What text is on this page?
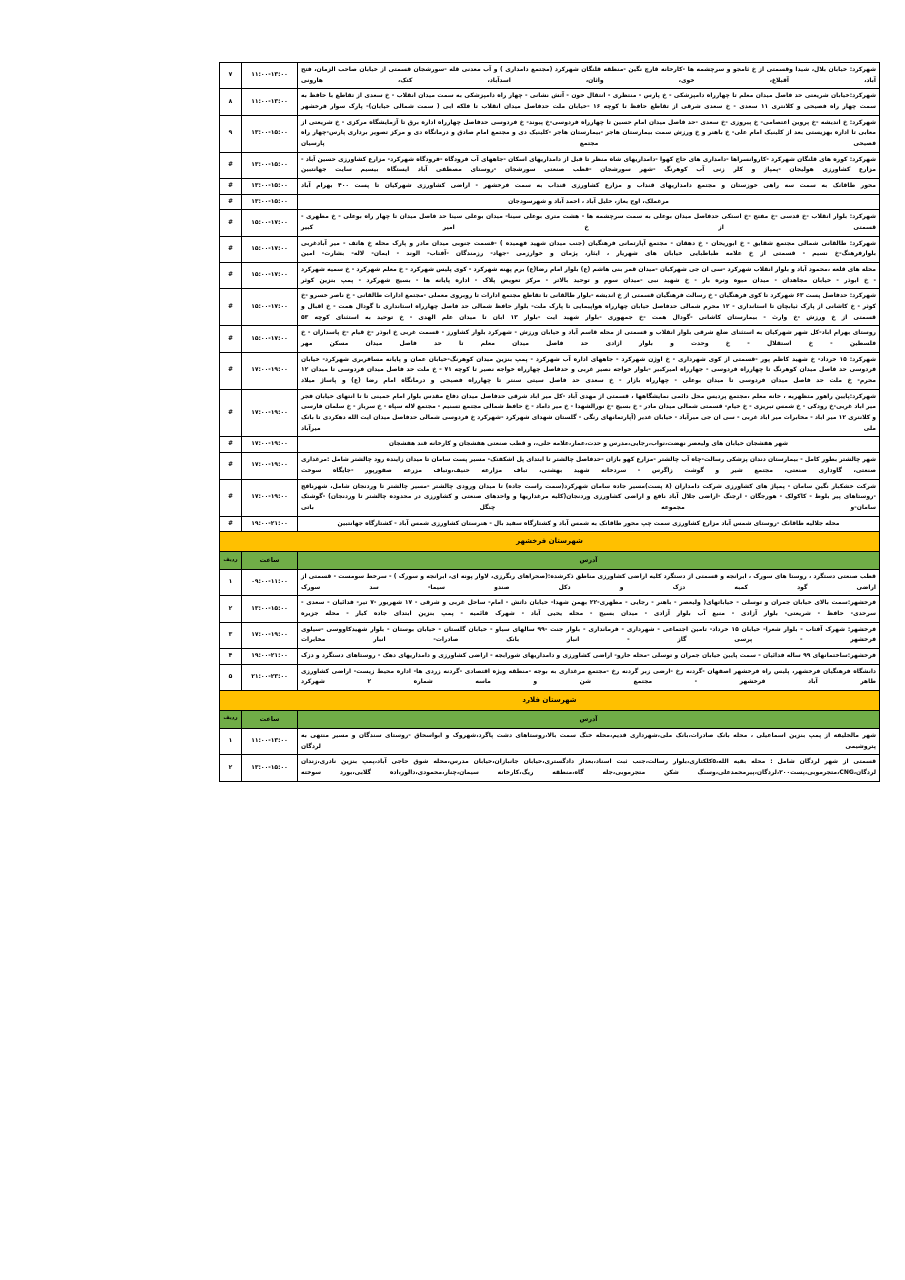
شهرکرد: خیابان بلال، شیدا وقسمتی از خ ثامجو و سرچشمه ها -کارخانه قارچ نگین -منطقه قلنگان شهرکرد (مجتمع دامداری ) و آب معدنی قله -سورشجان قسمتی از خیابان صاحب الزمان، فتح آباد، آقبلاغ، خوی، واثان، اسدآباد، کتک، هارونی	۱۱:۰۰-۱۳:۰۰	۷
شهرکرد:خیابان شریعتی حد فاصل میدان معلم تا چهارراه دامپزشکی - خ پارس - منتظری - انتقال خون - آتش نشانی - چهار راه دامپزشکی به سمت میدان انقلاب - خ سعدی از تقاطع با حافظ به سمت چهار راه فصیحی و کلانتری ۱۱ سعدی - خ سعدی شرقی از تقاطع حافظ تا کوچه ۱۶ -خیابان ملت حدفاصل میدان انقلاب تا فلکه ابی ( سمت شمالی خیابان)- پارک سوار فرخشهر	۱۱:۰۰-۱۳:۰۰	۸
شهرکرد: خ اندیشه -خ پروین اعتصامی- خ پیروزی -خ سعدی -حد فاصل میدان امام حسین تا چهارراه فردوسی-خ پیوند- خ فردوسی حدفاصل چهارراه اداره برق تا آزمایشگاه مرکزی - خ شریعتی از معابی تا اداره بهزیستی بعد از کلینیک امام علی- خ باهنر و خ ورزش سمت بیمارستان هاجر -بیمارستان هاجر -کلینیک دی و مجتمع امام صادق و درمانگاه دی و مرکز تصویر برداری پارس-چهار راه فصیحی مجتمع پارسیان	۱۳:۰۰-۱۵:۰۰	۹
شهرکرد: کوره های قلنگان شهرکرد -کاروانسراها -دامداری های حاج کهوا -دامداریهای شاه منظر تا قبل از دامداریهای اسکان -جاههای آب فرودگاه -فرودگاه شهرکرد- مزارع کشاورزی حسین آباد - مزارع کشاورزی هولیجان -پمپاژ و کلر زنی آب کوهرنگ -شهر سورشجان -قطب صنعتی سورشجان -روستای مصطفی آباد ایستگاه بیسیم سایت جهانتبین	۱۳:۰۰-۱۵:۰۰	#
محور طاقانک به سمت سه راهی خوزستان و مجتمع دامداریهای قنداب و مزارع کشاورزی قنداب به سمت فرخشهر - اراضی کشاورزی شهرکیان تا پست ۴۰۰ بهرام آباد	۱۳:۰۰-۱۵:۰۰	#
مرغملک، اوج بغاز، خلیل آباد ، احمد آباد و شهرسودجان	۱۳:۰۰-۱۵:۰۰	#
شهرکرد: بلوار انقلاب -خ قدسی -خ مفتح -خ استکی حدفاصل میدان بوعلی به سمت سرچشمه ها - هشت متری بوعلی سینا- میدان بوعلی سینا حد فاصل میدان تا چهار راه بوعلی - خ مطهری - قسمتی از خ امیر کبیر	۱۵:۰۰-۱۷:۰۰	#
شهرکرد: طالقانی شمالی مجتمع شقایق - خ ابوریحان - خ دهقان - مجتمع آپارتمانی فرهنگیان (جنب میدان شهید فهمیده ) -قسمت جنوبی میدان مادر و پارک محله خ هاتف - میر آبادغربی بلوارفرهنگ-خ نسیم - قسمتی از خ علامه طباطبایی خیابان های شهریار ، ایثار، پژمان و خوارزمی -جهاد- رزمندگان -آفتاب- الوند - ایمان- لاله- بشارت- امین	۱۵:۰۰-۱۷:۰۰	#
محله های قلعه ،محمود آباد و بلوار انقلاب شهرکرد -سی ان جی شهرکیان -میدان قمر بنی هاشم (ع) بلوار امام رضا(ع) برم پهنه شهرکرد - کوی پلیس شهرکرد - خ معلم شهرکرد - خ سمیه شهرکرد - خ ابوذر - خیابان مجاهدان - میدان میوه وتره بار - خ شهید نبی -میدان سوم و توحید بالاتر - مرکز تعویض پلاک - اداره پایانه ها - بسیج شهرکرد - پمپ بنزین کوثر	۱۵:۰۰-۱۷:۰۰	#
شهرکرد: حدفاصل پست ۶۳ شهرکرد تا کوی فرهنگیان - خ رسالت فرهنگیان قسمتی از خ اندیشه -بلوار طالقانی تا تقاطع مجتمع ادارات تا روبروی معملی -مجتمع ادارات طالقانی - خ ناصر خسرو -خ کوثر - خ کاشانی از پارک ثیابچان تا استانداری - ۱۲ محرم شمالی حدفاصل خیابان چهارراه هواپیمایی تا پارک ملت- بلوار حافظ شمالی حد فاصل چهارراه استانداری تا گودال همت - خ اقبال و قسمتی از خ ورزش -خ وارث - بیمارستان کاشانی -گودال همت -خ جمهوری -بلوار شهید ایت -بلوار ۱۳ ابان تا میدان علم الهدی - خ توحید به استثنای کوچه ۵۳	۱۵:۰۰-۱۷:۰۰	#
روستای بهرام اباد-کل شهر شهرکیان به استثنای ضلع شرقی بلوار انقلاب و قسمتی از محله قاسم آباد و خیابان ورزش - شهرکرد بلوار کشاورز - قسمت غربی خ ابوذر -خ قیام -خ پاسداران - خ فلسطین - خ استقلال - خ وحدت و بلوار ازادی حد فاصل میدان معلم تا حد فاصل میدان مسکن مهر	۱۵:۰۰-۱۷:۰۰	#
شهرکرد: ۱۵ خرداد- خ شهید کاظم پور -قسمتی از کوی شهرداری - خ اوژن شهرکرد - جاههای اداره آب شهرکرد - پمپ بنزین میدان کوهرنگ-خیابان عمان و پایانه مسافربری شهرکرد- خیابان فردوسی حد فاصل میدان کوهرنگ تا چهارراه فردوسی - جهارراه امیرکبیر -بلوار خواجه نصیر غربی و حدفاصل چهارراه خواجه نصیر تا کوچه ۷۱ - خ ملت حد فاصل میدان فردوسی تا میدان ۱۲ محرم- خ ملت حد فاصل میدان فردوسی تا میدان بوعلی - چهارراه بازار - خ سعدی حد فاصل سیتی سنتر تا چهارراه فصیحی و درمانگاه امام رضا (ع) و پاساژ میلاد	۱۷:۰۰-۱۹:۰۰	#
شهرکرد:پایین راهور متظهربه ، خانه معلم ،مجتمع پردیس محل دائمی نمایشگاهها ، قسمتی از مهدی آباد -کل میر اباد شرقی حدفاصل میدان دفاع مقدس بلوار امام خمینی تا تا انتهای خیابان فجر میر اباد غربی-خ رودکی - خ شمس تبریزی - خ خیام- قسمتی شمالی میدان مادر - خ بسیج -خ نورالشهدا - خ میر داماد - خ حافظ شمالی مجتمع تسنیم - مجتمع لاله سپاه - خ سرباز - خ سلمان فارسی و کلانتری ۱۲ میر اباد - مخابرات میر اباد غربی - سی ان جی میرآباد - خیابان غدیر (آپارتمانهای رنگی - گلستان شهدای شهرکرد -شهرکرد خ فردوسی شمالی حدفاصل میدان ایت الله دهکردی تا بانک ملی میرآباد	۱۷:۰۰-۱۹:۰۰	#
شهر هفشجان خیابان های ولیعصر نهضت،نواب،رجایی،مدرس و حدت،عمار،علامه حلی،، و قطب صنعتی هفشجان و کارخانه قند هفشجان	۱۷:۰۰-۱۹:۰۰	#
شهر چالشتر بطور کامل - بیمارستان دندان پزشکی رسالت-چاه آب چالشتر -مزارع کهو بازان -حدفاصل چالشتر تا ابتدای پل اشکفتک- مسیر پست سامان تا میدان زاینده رود چالشتر شامل :مرغداری صنعتی، گاوداری صنعتی، مجتمع شیر و گوشت زاگرس - سردخانه شهید بهشتی، تباف مزارعه حنیف،وتباف مزرعه صفورپور -جایگاه سوخت	۱۷:۰۰-۱۹:۰۰	#
شرکت خشکبار نگین سامان - پمپاژ های کشاورزی شرکت دامداران (۸ پست)مسیر جاده سامان شهرکرد(سمت راست جاده) تا میدان ورودی چالشتر -مسیر چالشتر تا وردنجان شامل، شهرنافج -روستاهای پیر بلوط - کاکولک - هورجگان - ارجنگ -اراضی جلال آباد نافع و اراضی کشاورزی وردنجان(کلیه مرغداریها و واحدهای صنعتی و کشاورزی در محدوده چالشتر تا وردنجان) -گوشتک سامان-و مجموعه چنگل باتی	۱۷:۰۰-۱۹:۰۰	#
محله جلالیه طاقانک -روستای شمس آباد مزارع کشاورزی سمت چپ محور طاقانک به شمس آباد و کشتارگاه سفید بال - هنرستان کشاورزی شمس آباد - کشتارگاه جهانتبین	۱۹:۰۰-۲۱:۰۰	#
شهرستان فرخشهر		
آدرس	ساعت	ردیف
قطب صنعتی دستگرد ، روستا های سورک ، ابرانجه و قسمتی از دستگرد کلیه اراضی کشاورزی مناطق ذکرشده:(صحراهای رنگرزی، لاوار پونه ای، ابرانجه و سورک ) - سرخط سومست - قسمتی از اراضی گود کمبه دزک و دکل صندو سیما- سد سورک	۰۹:۰۰-۱۱:۰۰	۱
فرخشهر:سمت بالای خیابان جمران و توسلی - خیاباتهای( ولیعصر - باهنر - رجایی - مطهری-۲۲ بهمن شهدا- خیابان داتش - امام- ساحل غربی و شرقی - ۱۷ شهریور -۷ تیر- فدائیان - سعدی - سرحدی- حافظ - شریعتی- بلوار آزادی - منبع آب بلوار آزادی - میدان بسیج - محله یحیی آباد - شهرک قائمیه - پمپ بنزین ابتدای جاده کیار - محله جزیره	۱۳:۰۰-۱۵:۰۰	۲
فرخشهر: شهرک آفتاب - بلوار شعرا- خیابان ۱۵ خرداد- تامین اجتماعی - شهرداری - فرمانداری - بلوار جنت -۹۹ سالهای سیاو - خیابان گلستان - خیابان بوستان - بلوار شهیدکاووسی -سیلوی فرخشهر - پرسی گاز - انبار بانک صادرات- انبار مخابرات	۱۷:۰۰-۱۹:۰۰	۳
فرخشهر:ساختمانهای ۹۹ ساله فدائیان - سمت پایین خیابان جمران و توسلی -محله خارو- اراضی کشاورزی و دامداریهای شورابجه - اراضی کشاورزی و دامداریهای دهک - روستاهای دستگرد و دزک	۱۹:۰۰-۲۱:۰۰	۴
دانشگاه فرهنگیان فرخشهر، پلیس راه فرخشهر اصفهان -گردنه رخ -ارضی زبر گردنه رخ -مجتمع مرغداری به بوجه -منطقه ویژه اقتصادی -گردنه زردی ها- اداره محیط زیست- اراضی کشاورزی طاهر آباد فرخشهر - مجتمع شن و ماسه شماره ۲ شهرکرد	۲۱:۰۰-۲۳:۰۰	۵
شهرستان فلارد		
آدرس	ساعت	ردیف
شهر مالخلیفه از پمپ بنزین اسماعیلی ، محله بانک صادرات،بانک ملی،شهرداری قدیم،محله خنگ سمت بالا،روستاهای دشت پاگرد،شهروک و ابواسحاق -روستای سندگان و مسیر منتهی به پتروشیمی لردگان	۱۱:۰۰-۱۳:۰۰	۱
قسمتی از شهر لردگان شامل : محله بقیه الله،۵کلکتاری،بلوار رسالت،جنب ثبت اسناد،بعداز دادگستری،خیابان جانبازان،خیابان مدرس،محله شوق حاجی آباد،پمپ بنزین نادری،زندان لردگان،CNG،متجرموبی،پست۲۰۰،لردگان،پیرمحمدعلی،وسنگ شکن متجرموبی،جله گاه،منطقه ریگ،کارخانه سیمان،چنار،محمودی،دالور،اده گلابی،بورد سوخته	۱۳:۰۰-۱۵:۰۰	۲
